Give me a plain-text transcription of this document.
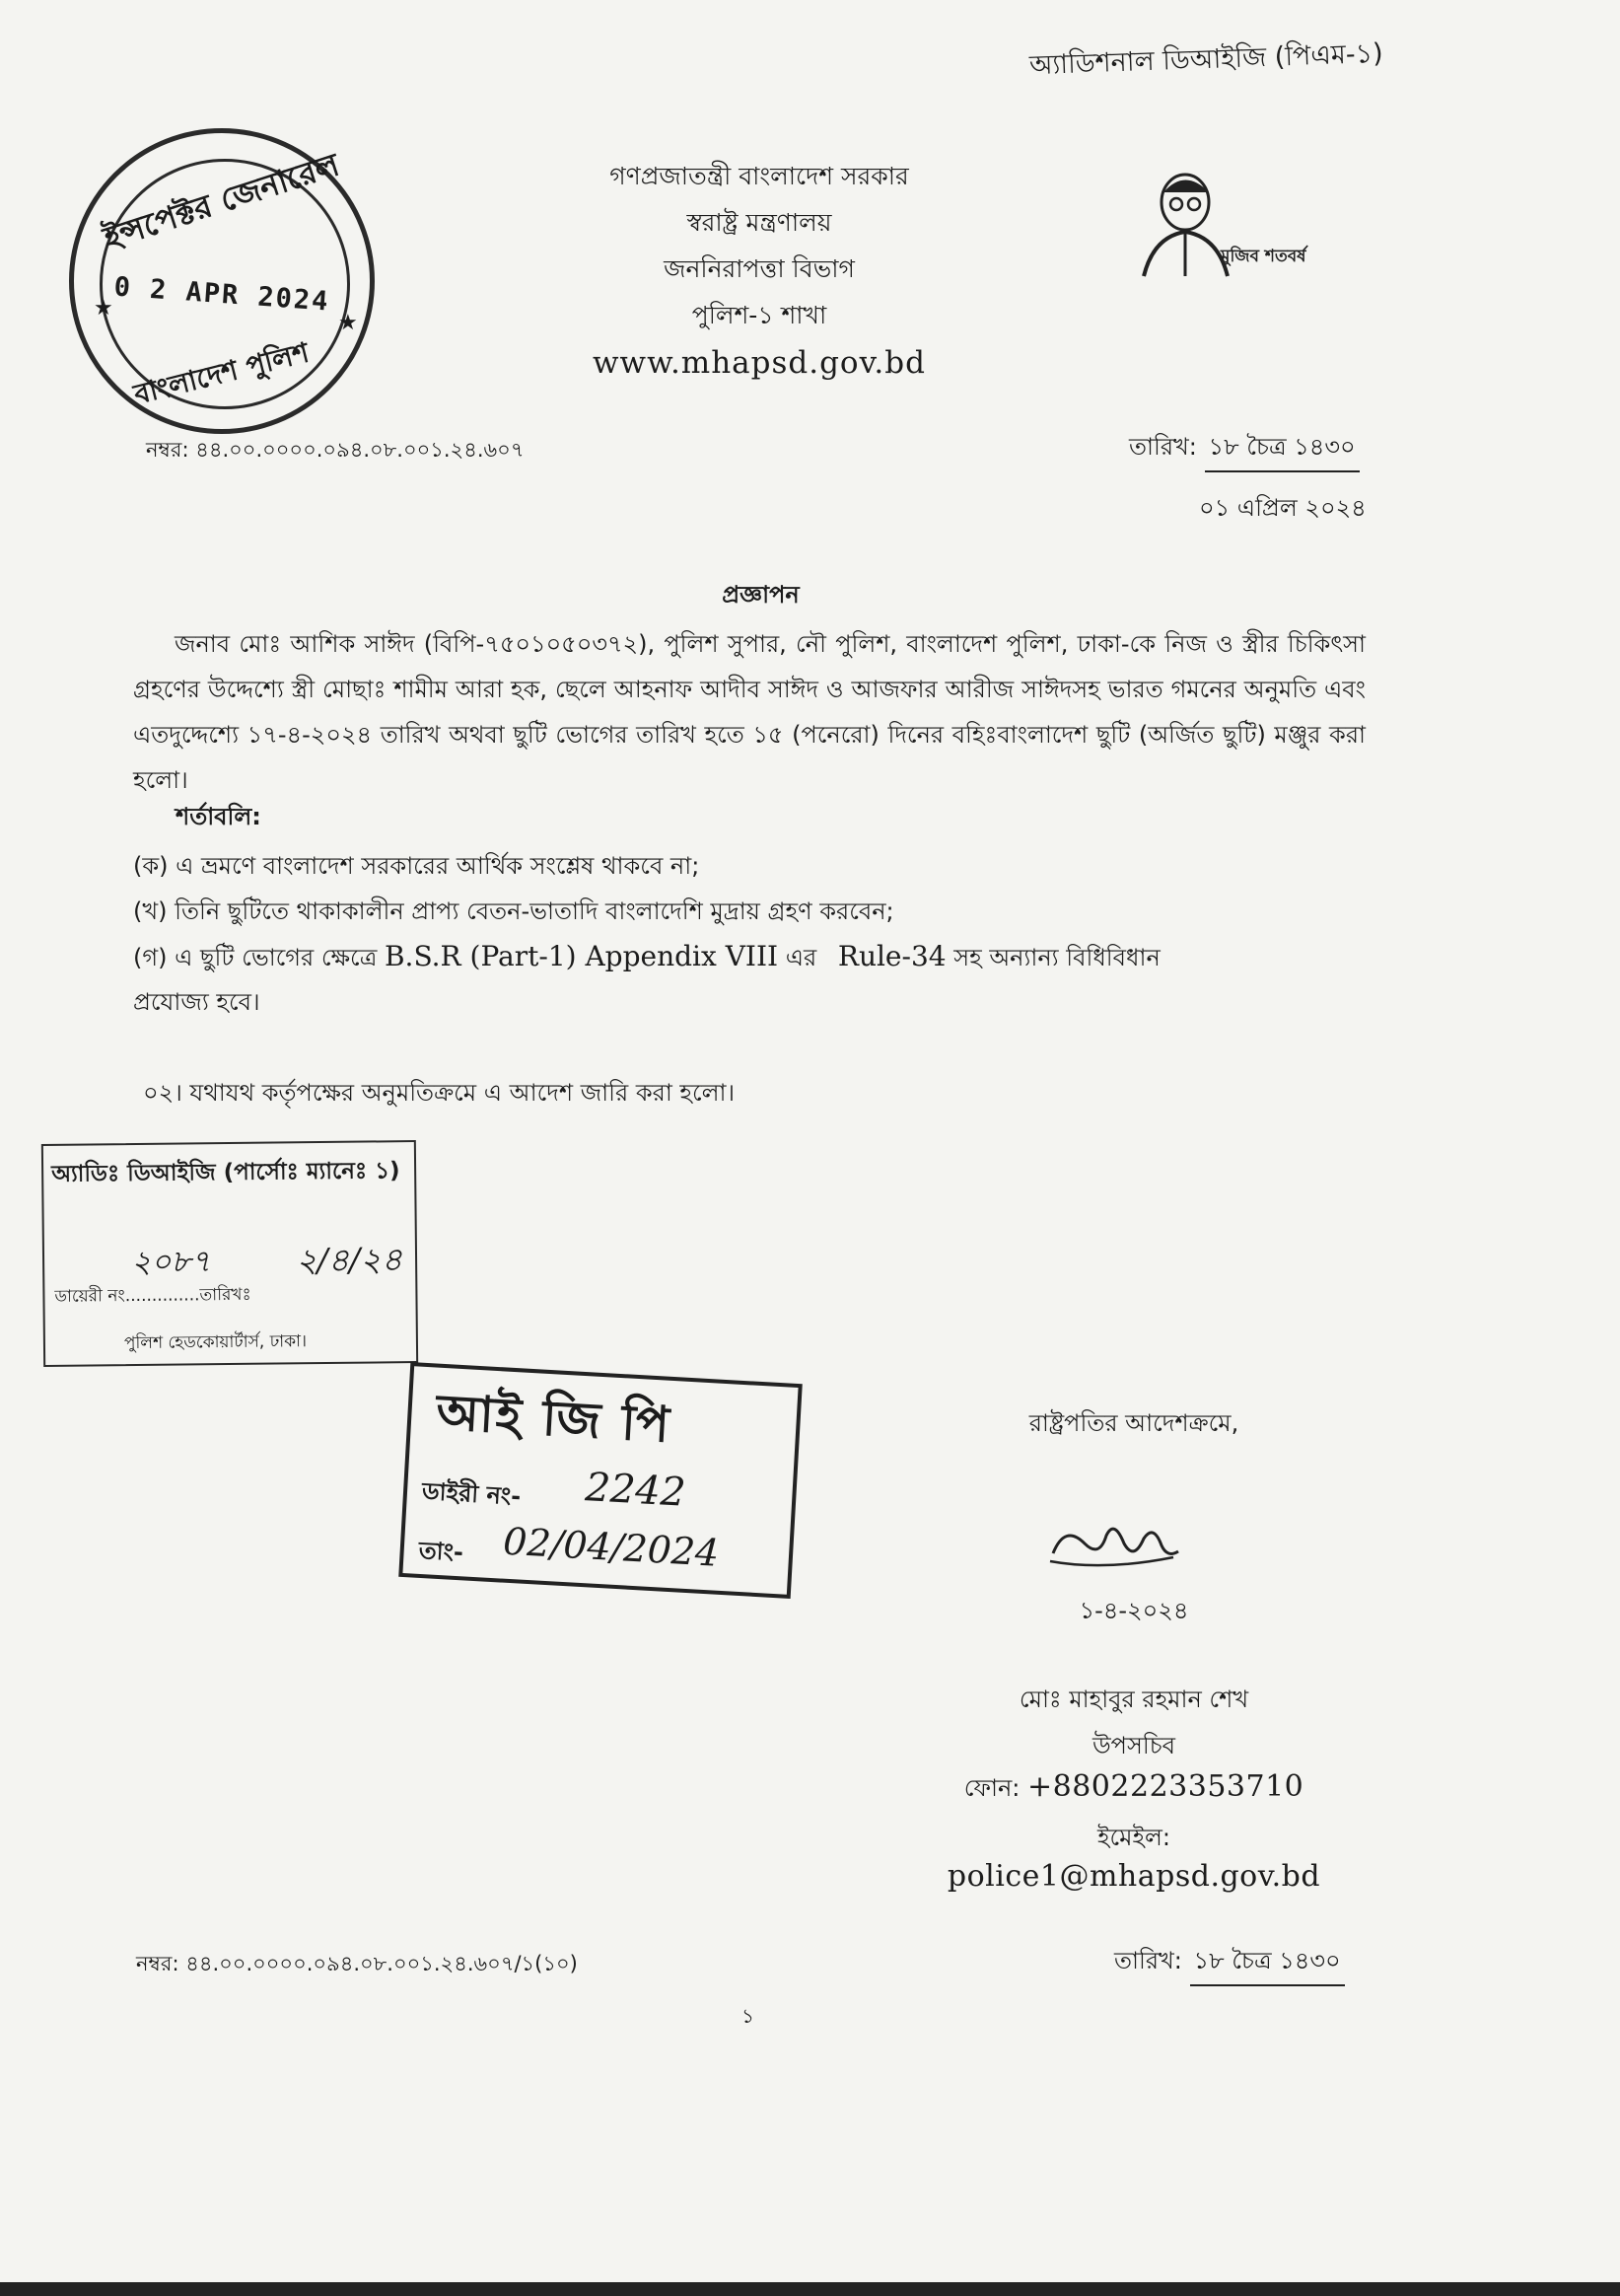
অ্যাডিশনাল ডিআইজি (পিএম-১)
ইন্সপেক্টর জেনারেল
0 2 APR 2024
বাংলাদেশ পুলিশ
★
★
গণপ্রজাতন্ত্রী বাংলাদেশ সরকার
স্বরাষ্ট্র মন্ত্রণালয়
জননিরাপত্তা বিভাগ
পুলিশ-১ শাখা
www.mhapsd.gov.bd
মুজিব শতবর্ষ
নম্বর: ৪৪.০০.০০০০.০৯৪.০৮.০০১.২৪.৬০৭	তারিখ: ১৮ চৈত্র ১৪৩০
০১ এপ্রিল ২০২৪
প্রজ্ঞাপন
জনাব মোঃ আশিক সাঈদ (বিপি-৭৫০১০৫০৩৭২), পুলিশ সুপার, নৌ পুলিশ, বাংলাদেশ পুলিশ, ঢাকা-কে নিজ ও স্ত্রীর চিকিৎসা গ্রহণের উদ্দেশ্যে স্ত্রী মোছাঃ শামীম আরা হক, ছেলে আহনাফ আদীব সাঈদ ও আজফার আরীজ সাঈদসহ ভারত গমনের অনুমতি এবং এতদুদ্দেশ্যে ১৭-৪-২০২৪ তারিখ অথবা ছুটি ভোগের তারিখ হতে ১৫ (পনেরো) দিনের বহিঃবাংলাদেশ ছুটি (অর্জিত ছুটি) মঞ্জুর করা হলো।
শর্তাবলি:
(ক) এ ভ্রমণে বাংলাদেশ সরকারের আর্থিক সংশ্লেষ থাকবে না;
(খ) তিনি ছুটিতে থাকাকালীন প্রাপ্য বেতন-ভাতাদি বাংলাদেশি মুদ্রায় গ্রহণ করবেন;
(গ) এ ছুটি ভোগের ক্ষেত্রে B.S.R (Part-1) Appendix VIII এর Rule-34 সহ অন্যান্য বিধিবিধান
প্রযোজ্য হবে।
০২। যথাযথ কর্তৃপক্ষের অনুমতিক্রমে এ আদেশ জারি করা হলো।
অ্যাডিঃ ডিআইজি (পার্সোঃ ম্যানেঃ ১)
২০৮৭	২/৪/২৪
ডায়েরী নং..............তারিখঃ
পুলিশ হেডকোয়ার্টার্স, ঢাকা।
আই জি পি
ডাইরী নং- 2242
তাং- 02/04/2024
রাষ্ট্রপতির আদেশক্রমে,
১-৪-২০২৪
মোঃ মাহাবুর রহমান শেখ
উপসচিব
ফোন: +8802223353710
ইমেইল:
police1@mhapsd.gov.bd
নম্বর: ৪৪.০০.০০০০.০৯৪.০৮.০০১.২৪.৬০৭/১(১০)	তারিখ: ১৮ চৈত্র ১৪৩০
১
